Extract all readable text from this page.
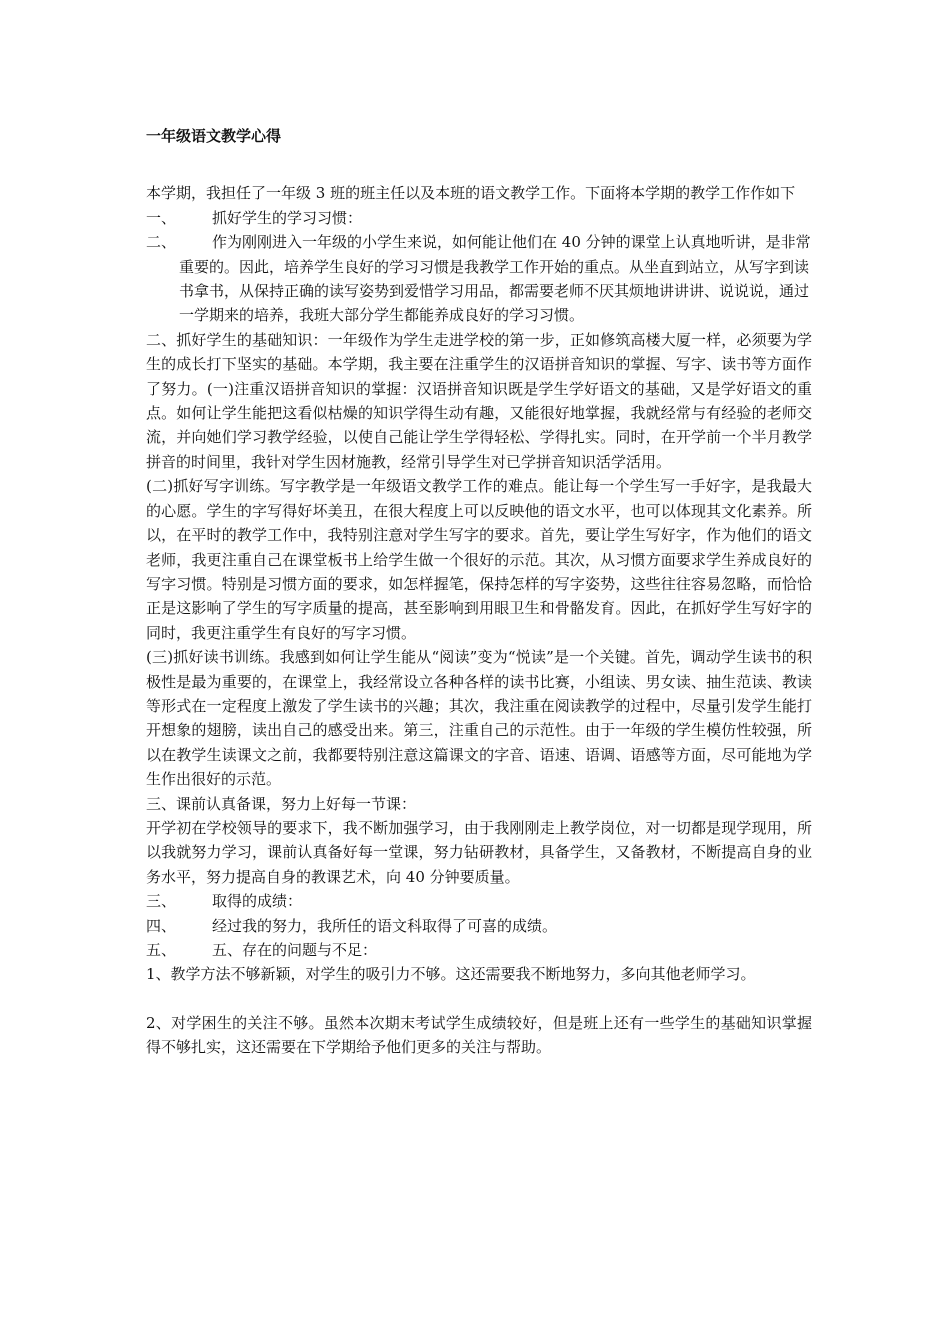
一年级语文教学心得

本学期，我担任了一年级 3 班的班主任以及本班的语文教学工作。下面将本学期的教学工作作如下

一、	抓好学生的学习习惯：
二、 作为刚刚进入一年级的小学生来说，如何能让他们在 40 分钟的课堂上认真地听讲，是非常重要的。因此，培养学生良好的学习习惯是我教学工作开始的重点。从坐直到站立，从写字到读书拿书，从保持正确的读写姿势到爱惜学习用品，都需要老师不厌其烦地讲讲讲、说说说，通过一学期来的培养，我班大部分学生都能养成良好的学习习惯。

二、抓好学生的基础知识：一年级作为学生走进学校的第一步，正如修筑高楼大厦一样，必须要为学生的成长打下坚实的基础。本学期，我主要在注重学生的汉语拼音知识的掌握、写字、读书等方面作了努力。(一)注重汉语拼音知识的掌握：汉语拼音知识既是学生学好语文的基础，又是学好语文的重点。如何让学生能把这看似枯燥的知识学得生动有趣，又能很好地掌握，我就经常与有经验的老师交流，并向她们学习教学经验，以使自己能让学生学得轻松、学得扎实。同时，在开学前一个半月教学拼音的时间里，我针对学生因材施教，经常引导学生对已学拼音知识活学活用。

(二)抓好写字训练。写字教学是一年级语文教学工作的难点。能让每一个学生写一手好字，是我最大的心愿。学生的字写得好坏美丑，在很大程度上可以反映他的语文水平，也可以体现其文化素养。所以，在平时的教学工作中，我特别注意对学生写字的要求。首先，要让学生写好字，作为他们的语文老师，我更注重自己在课堂板书上给学生做一个很好的示范。其次，从习惯方面要求学生养成良好的写字习惯。特别是习惯方面的要求，如怎样握笔，保持怎样的写字姿势，这些往往容易忽略，而恰恰正是这影响了学生的写字质量的提高，甚至影响到用眼卫生和骨骼发育。因此，在抓好学生写好字的同时，我更注重学生有良好的写字习惯。

(三)抓好读书训练。我感到如何让学生能从“阅读”变为“悦读”是一个关键。首先，调动学生读书的积极性是最为重要的，在课堂上，我经常设立各种各样的读书比赛，小组读、男女读、抽生范读、教读等形式在一定程度上激发了学生读书的兴趣；其次，我注重在阅读教学的过程中，尽量引发学生能打开想象的翅膀，读出自己的感受出来。第三，注重自己的示范性。由于一年级的学生模仿性较强，所以在教学生读课文之前，我都要特别注意这篇课文的字音、语速、语调、语感等方面，尽可能地为学生作出很好的示范。

三、课前认真备课，努力上好每一节课：

开学初在学校领导的要求下，我不断加强学习，由于我刚刚走上教学岗位，对一切都是现学现用，所以我就努力学习，课前认真备好每一堂课，努力钻研教材，具备学生，又备教材，不断提高自身的业务水平，努力提高自身的教课艺术，向 40 分钟要质量。

三、	取得的成绩：
四、	经过我的努力，我所任的语文科取得了可喜的成绩。
五、	五、存在的问题与不足：

1、教学方法不够新颖，对学生的吸引力不够。这还需要我不断地努力，多向其他老师学习。

2、对学困生的关注不够。虽然本次期末考试学生成绩较好，但是班上还有一些学生的基础知识掌握得不够扎实，这还需要在下学期给予他们更多的关注与帮助。
